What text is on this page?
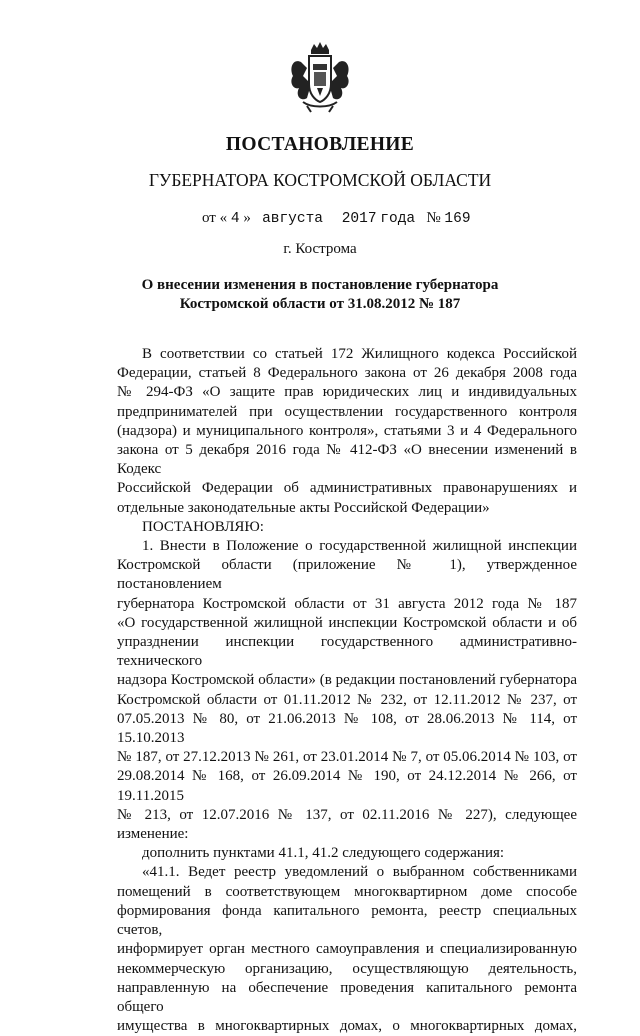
ПОСТАНОВЛЕНИЕ
ГУБЕРНАТОРА КОСТРОМСКОЙ ОБЛАСТИ
от « 4 » августа 2017 года № 169
г. Кострома
О внесении изменения в постановление губернатора
Костромской области от 31.08.2012 № 187

В соответствии со статьей 172 Жилищного кодекса Российской

Федерации, статьей 8 Федерального закона от 26 декабря 2008 года

№ 294-ФЗ «О защите прав юридических лиц и индивидуальных

предпринимателей при осуществлении государственного контроля

(надзора) и муниципального контроля», статьями 3 и 4 Федерального

закона от 5 декабря 2016 года № 412-ФЗ «О внесении изменений в Кодекс

Российской Федерации об административных правонарушениях и

отдельные законодательные акты Российской Федерации»

ПОСТАНОВЛЯЮ:

1. Внести в Положение о государственной жилищной инспекции

Костромской области (приложение № 1), утвержденное постановлением

губернатора Костромской области от 31 августа 2012 года № 187

«О государственной жилищной инспекции Костромской области и об

упразднении инспекции государственного административно-технического

надзора Костромской области» (в редакции постановлений губернатора

Костромской области от 01.11.2012 № 232, от 12.11.2012 № 237, от

07.05.2013 № 80, от 21.06.2013 № 108, от 28.06.2013 № 114, от 15.10.2013

№ 187, от 27.12.2013 № 261, от 23.01.2014 № 7, от 05.06.2014 № 103, от

29.08.2014 № 168, от 26.09.2014 № 190, от 24.12.2014 № 266, от 19.11.2015

№ 213, от 12.07.2016 № 137, от 02.11.2016 № 227), следующее изменение:

дополнить пунктами 41.1, 41.2 следующего содержания:

«41.1. Ведет реестр уведомлений о выбранном собственниками

помещений в соответствующем многоквартирном доме способе

формирования фонда капитального ремонта, реестр специальных счетов,

информирует орган местного самоуправления и специализированную

некоммерческую организацию, осуществляющую деятельность,

направленную на обеспечение проведения капитального ремонта общего

имущества в многоквартирных домах, о многоквартирных домах,
